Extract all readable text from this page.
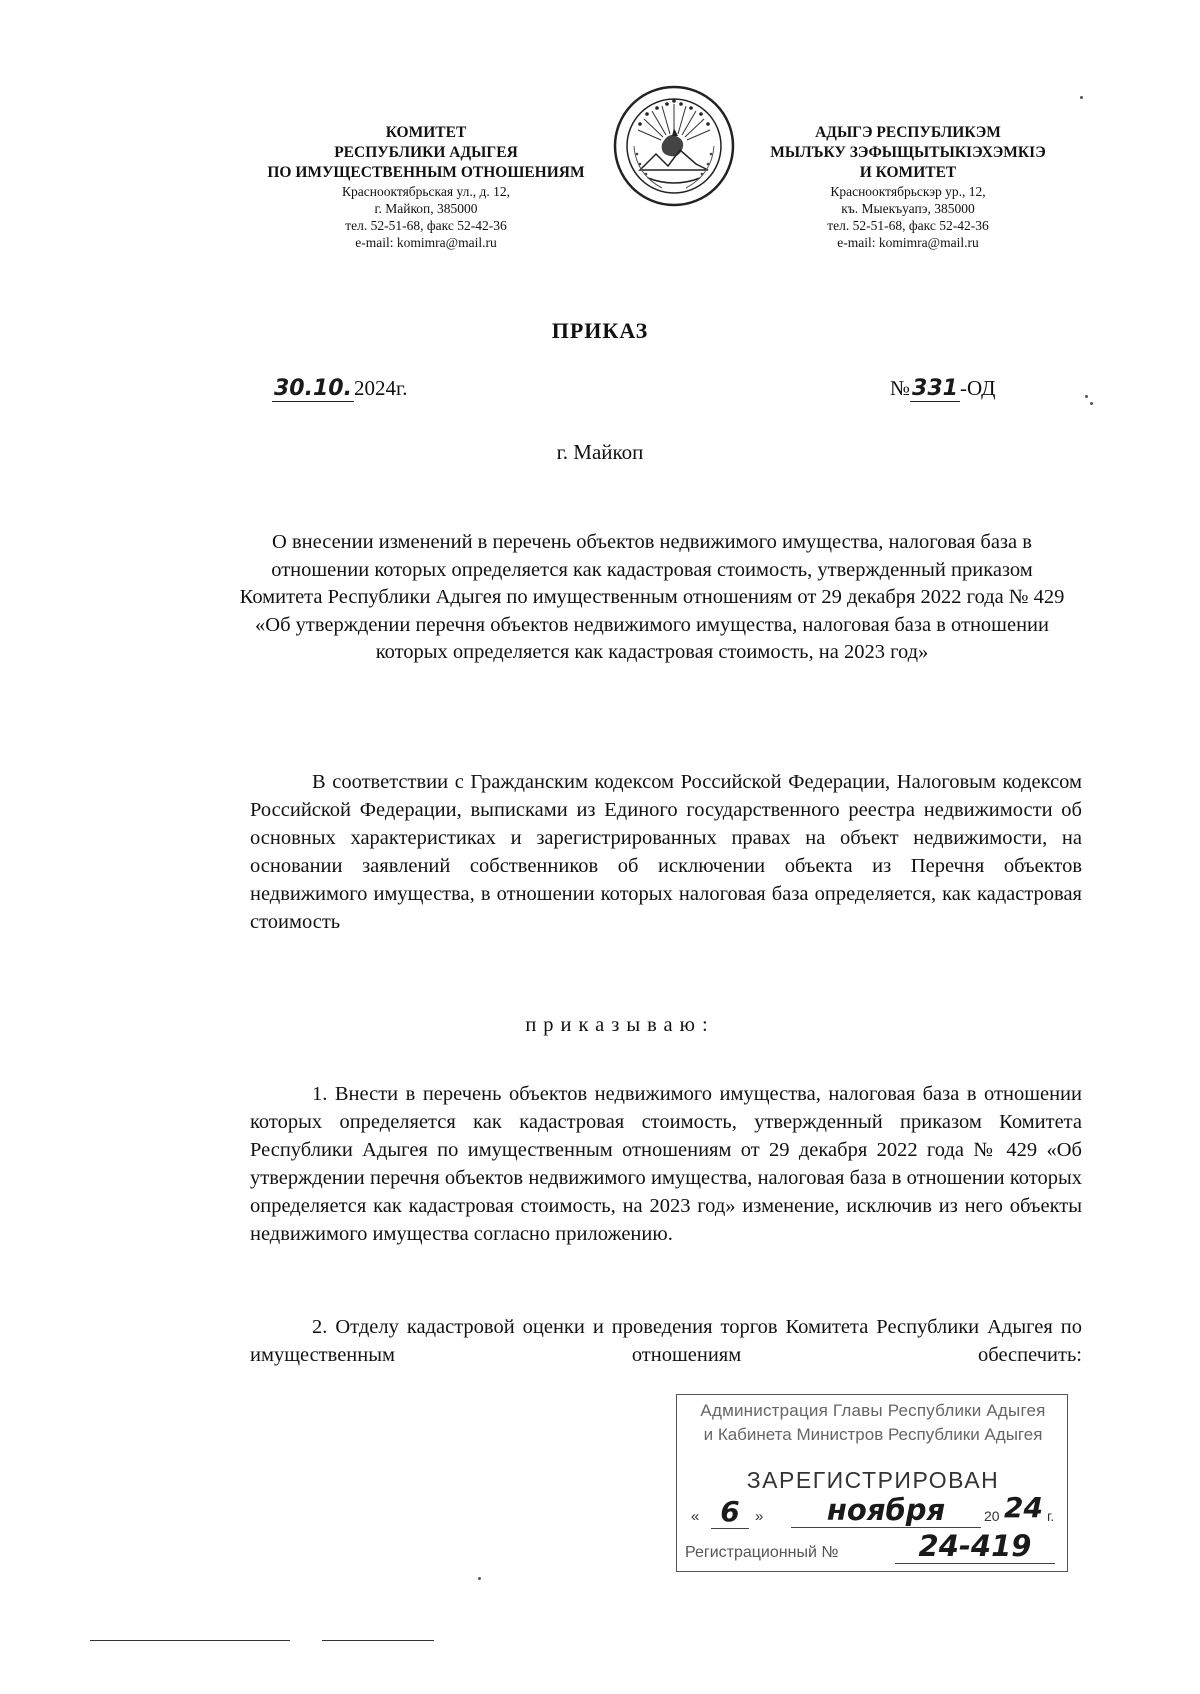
КОМИТЕТ
РЕСПУБЛИКИ АДЫГЕЯ
ПО ИМУЩЕСТВЕННЫМ ОТНОШЕНИЯМ
Краснооктябрьская ул., д. 12,
г. Майкоп, 385000
тел. 52-51-68, факс 52-42-36
e-mail: komimra@mail.ru
АДЫГЭ РЕСПУБЛИКЭМ
МЫЛЪКУ ЗЭФЫЩЫТЫКIЭХЭМКIЭ
И КОМИТЕТ
Краснооктябрьскэр ур., 12,
къ. Мыекъуапэ, 385000
тел. 52-51-68, факс 52-42-36
e-mail: komimra@mail.ru
ПРИКАЗ
30.10.2024г.	№331-ОД
г. Майкоп
О внесении изменений в перечень объектов недвижимого имущества, налоговая база в отношении которых определяется как кадастровая стоимость, утвержденный приказом Комитета Республики Адыгея по имущественным отношениям от 29 декабря 2022 года № 429 «Об утверждении перечня объектов недвижимого имущества, налоговая база в отношении которых определяется как кадастровая стоимость, на 2023 год»

В соответствии с Гражданским кодексом Российской Федерации, Налоговым кодексом Российской Федерации, выписками из Единого государственного реестра недвижимости об основных характеристиках и зарегистрированных правах на объект недвижимости, на основании заявлений собственников об исключении объекта из Перечня объектов недвижимого имущества, в отношении которых налоговая база определяется, как кадастровая стоимость

приказываю:

1. Внести в перечень объектов недвижимого имущества, налоговая база в отношении которых определяется как кадастровая стоимость, утвержденный приказом Комитета Республики Адыгея по имущественным отношениям от 29 декабря 2022 года № 429 «Об утверждении перечня объектов недвижимого имущества, налоговая база в отношении которых определяется как кадастровая стоимость, на 2023 год» изменение, исключив из него объекты недвижимого имущества согласно приложению.

2. Отделу кадастровой оценки и проведения торгов Комитета Республики Адыгея по имущественным отношениям обеспечить:

Администрация Главы Республики Адыгея
и Кабинета Министров Республики Адыгея
ЗАРЕГИСТРИРОВАН
« 6	»	ноября	20 24 г.
Регистрационный №	24-419
